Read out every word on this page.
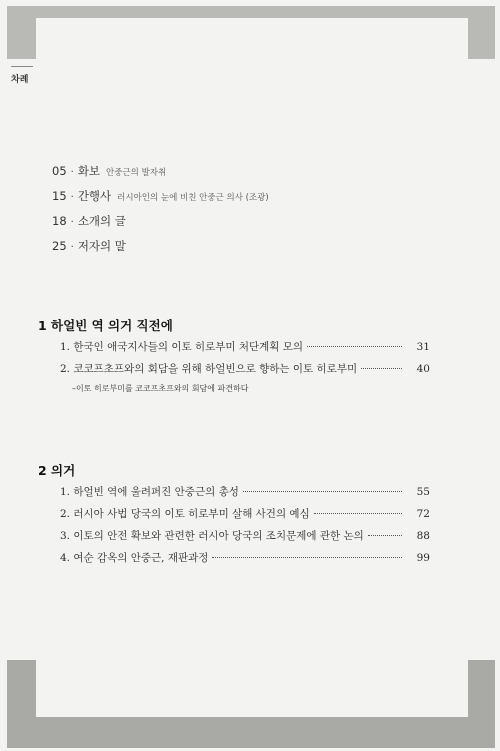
차례
05 · 화보 안중근의 발자취
15 · 간행사 러시아인의 눈에 비친 안중근 의사 (조광)
18 · 소개의 글
25 · 저자의 말
1 하얼빈 역 의거 직전에
1. 한국인 애국지사들의 이토 히로부미 처단계획 모의	31
2. 코코프초프와의 회담을 위해 하얼빈으로 향하는 이토 히로부미	40
–이토 히로부미를 코코프초프와의 회담에 파견하다
2 의거
1. 하얼빈 역에 울려퍼진 안중근의 총성	55
2. 러시아 사법 당국의 이토 히로부미 살해 사건의 예심	72
3. 이토의 안전 확보와 관련한 러시아 당국의 조치문제에 관한 논의	88
4. 여순 감옥의 안중근, 재판과정	99
